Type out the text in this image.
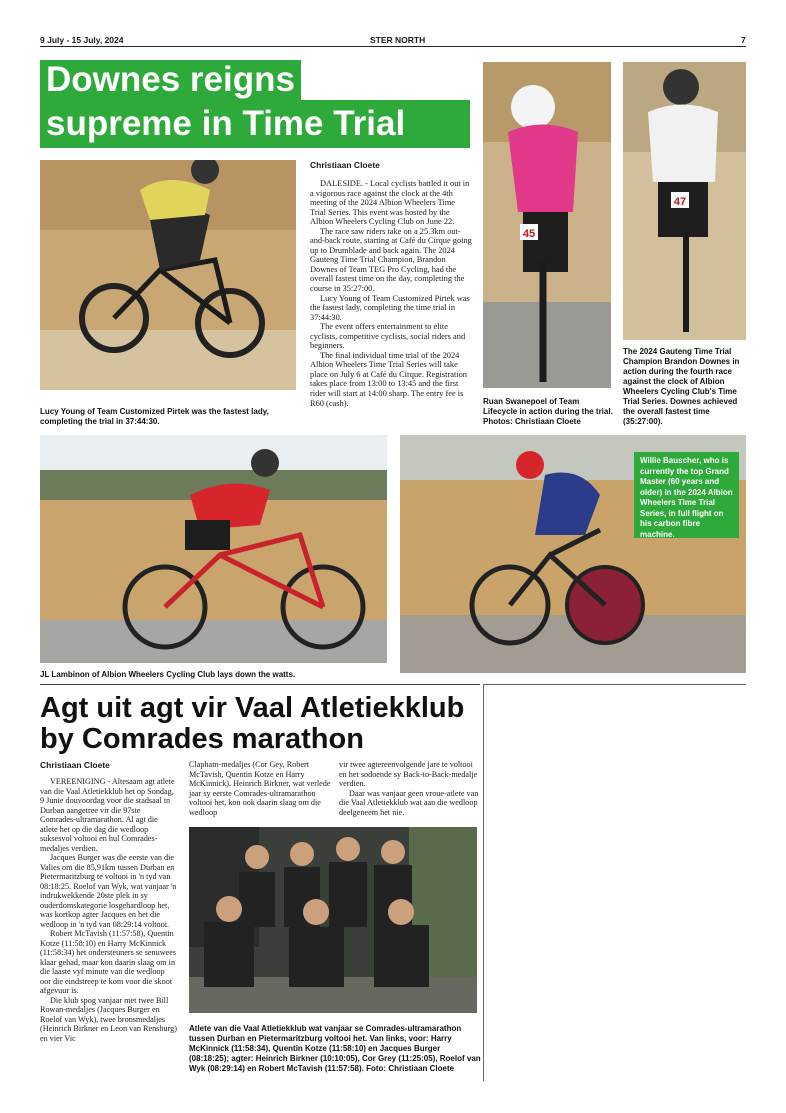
9 July - 15 July, 2024	STER NORTH	7
Downes reigns
supreme in Time Trial
Lucy Young of Team Customized Pirtek was the fastest lady, completing the trial in 37:44:30.
Christiaan Cloete

DALESIDE. - Local cyclists battled it out in a vigorous race against the clock at the 4th meeting of the 2024 Albion Wheelers Time Trial Series. This event was hosted by the Albion Wheelers Cycling Club on June 22.

The race saw riders take on a 25.3km out-and-back route, starting at Café du Cirque going up to Drumblade and back again. The 2024 Gauteng Time Trial Champion, Brandon Downes of Team TEG Pro Cycling, had the overall fastest time on the day, completing the course in 35:27:00.

Lucy Young of Team Customized Pirtek was the fastest lady, completing the time trial in 37:44:30.

The event offers entertainment to elite cyclists, competitive cyclists, social riders and beginners.

The final individual time trial of the 2024 Albion Wheelers Time Trial Series will take place on July 6 at Café du Cirque. Registration takes place from 13:00 to 13:45 and the first rider will start at 14:00 sharp. The entry fee is R60 (cash).

45
47
Ruan Swanepoel of Team Lifecycle in action during the trial. Photos: Christiaan Cloete
The 2024 Gauteng Time Trial Champion Brandon Downes in action during the fourth race against the clock of Albion Wheelers Cycling Club's Time Trial Series. Downes achieved the overall fastest time (35:27:00).
JL Lambinon of Albion Wheelers Cycling Club lays down the watts.
Willie Bauscher, who is currently the top Grand Master (60 years and older) in the 2024 Albion Wheelers Time Trial Series, in full flight on his carbon fibre machine.
Agt uit agt vir Vaal Atletiekklub
by Comrades marathon
Christiaan Cloete

VEREENIGING - Altesaam agt atlete van die Vaal Atletiekklub het op Sondag, 9 Junie douvoordag voor die stadsaal in Durban aangetree vir die 97ste Comrades-ultramarathon. Al agt die atlete het op die dag die wedloop suksesvol voltooi en hul Comrades-medaljes verdien.

Jacques Burger was die eerste van die Valies om die 85,91km tussen Durban en Pietermaritzburg te voltooi in 'n tyd van 08:18:25. Roelof van Wyk, wat vanjaar 'n indrukwekkende 20ste plek in sy ouderdomskategorie losgehardloop het, was kortkop agter Jacques en het die wedloop in 'n tyd van 08:29:14 voltooi.

Robert McTavish (11:57:58), Quentin Kotze (11:58:10) en Harry McKinnick (11:58:34) het ondersteuners se senuwees klaar gehad, maar kon daarin slaag om in die laaste vyf minute van die wedloop oor die eindstreep te kom voor die skoot afgevuur is.

Die klub spog vanjaar met twee Bill Rowan-medaljes (Jacques Burger en Roelof van Wyk), twee bronsmedaljes (Heinrich Birkner en Leon van Rensburg) en vier Vic

Clapham-medaljes (Cor Gey, Robert McTavish, Quentin Kotze en Harry McKinnick). Heinrich Birkner, wat verlede jaar sy eerste Comrades-ultramarathon voltooi het, kon ook daarin slaag om die wedloop

vir twee agtereenvolgende jare te voltooi en het sodoende sy Back-to-Back-medalje verdien.

Daar was vanjaar geen vroue-atlete van die Vaal Atletiekklub wat aan die wedloop deelgeneem het nie.

Atlete van die Vaal Atletiekklub wat vanjaar se Comrades-ultramarathon tussen Durban en Pietermaritzburg voltooi het. Van links, voor: Harry McKinnick (11:58:34), Quentin Kotze (11:58:10) en Jacques Burger (08:18:25); agter: Heinrich Birkner (10:10:05), Cor Grey (11:25:05), Roelof van Wyk (08:29:14) en Robert McTavish (11:57:58). Foto: Christiaan Cloete
